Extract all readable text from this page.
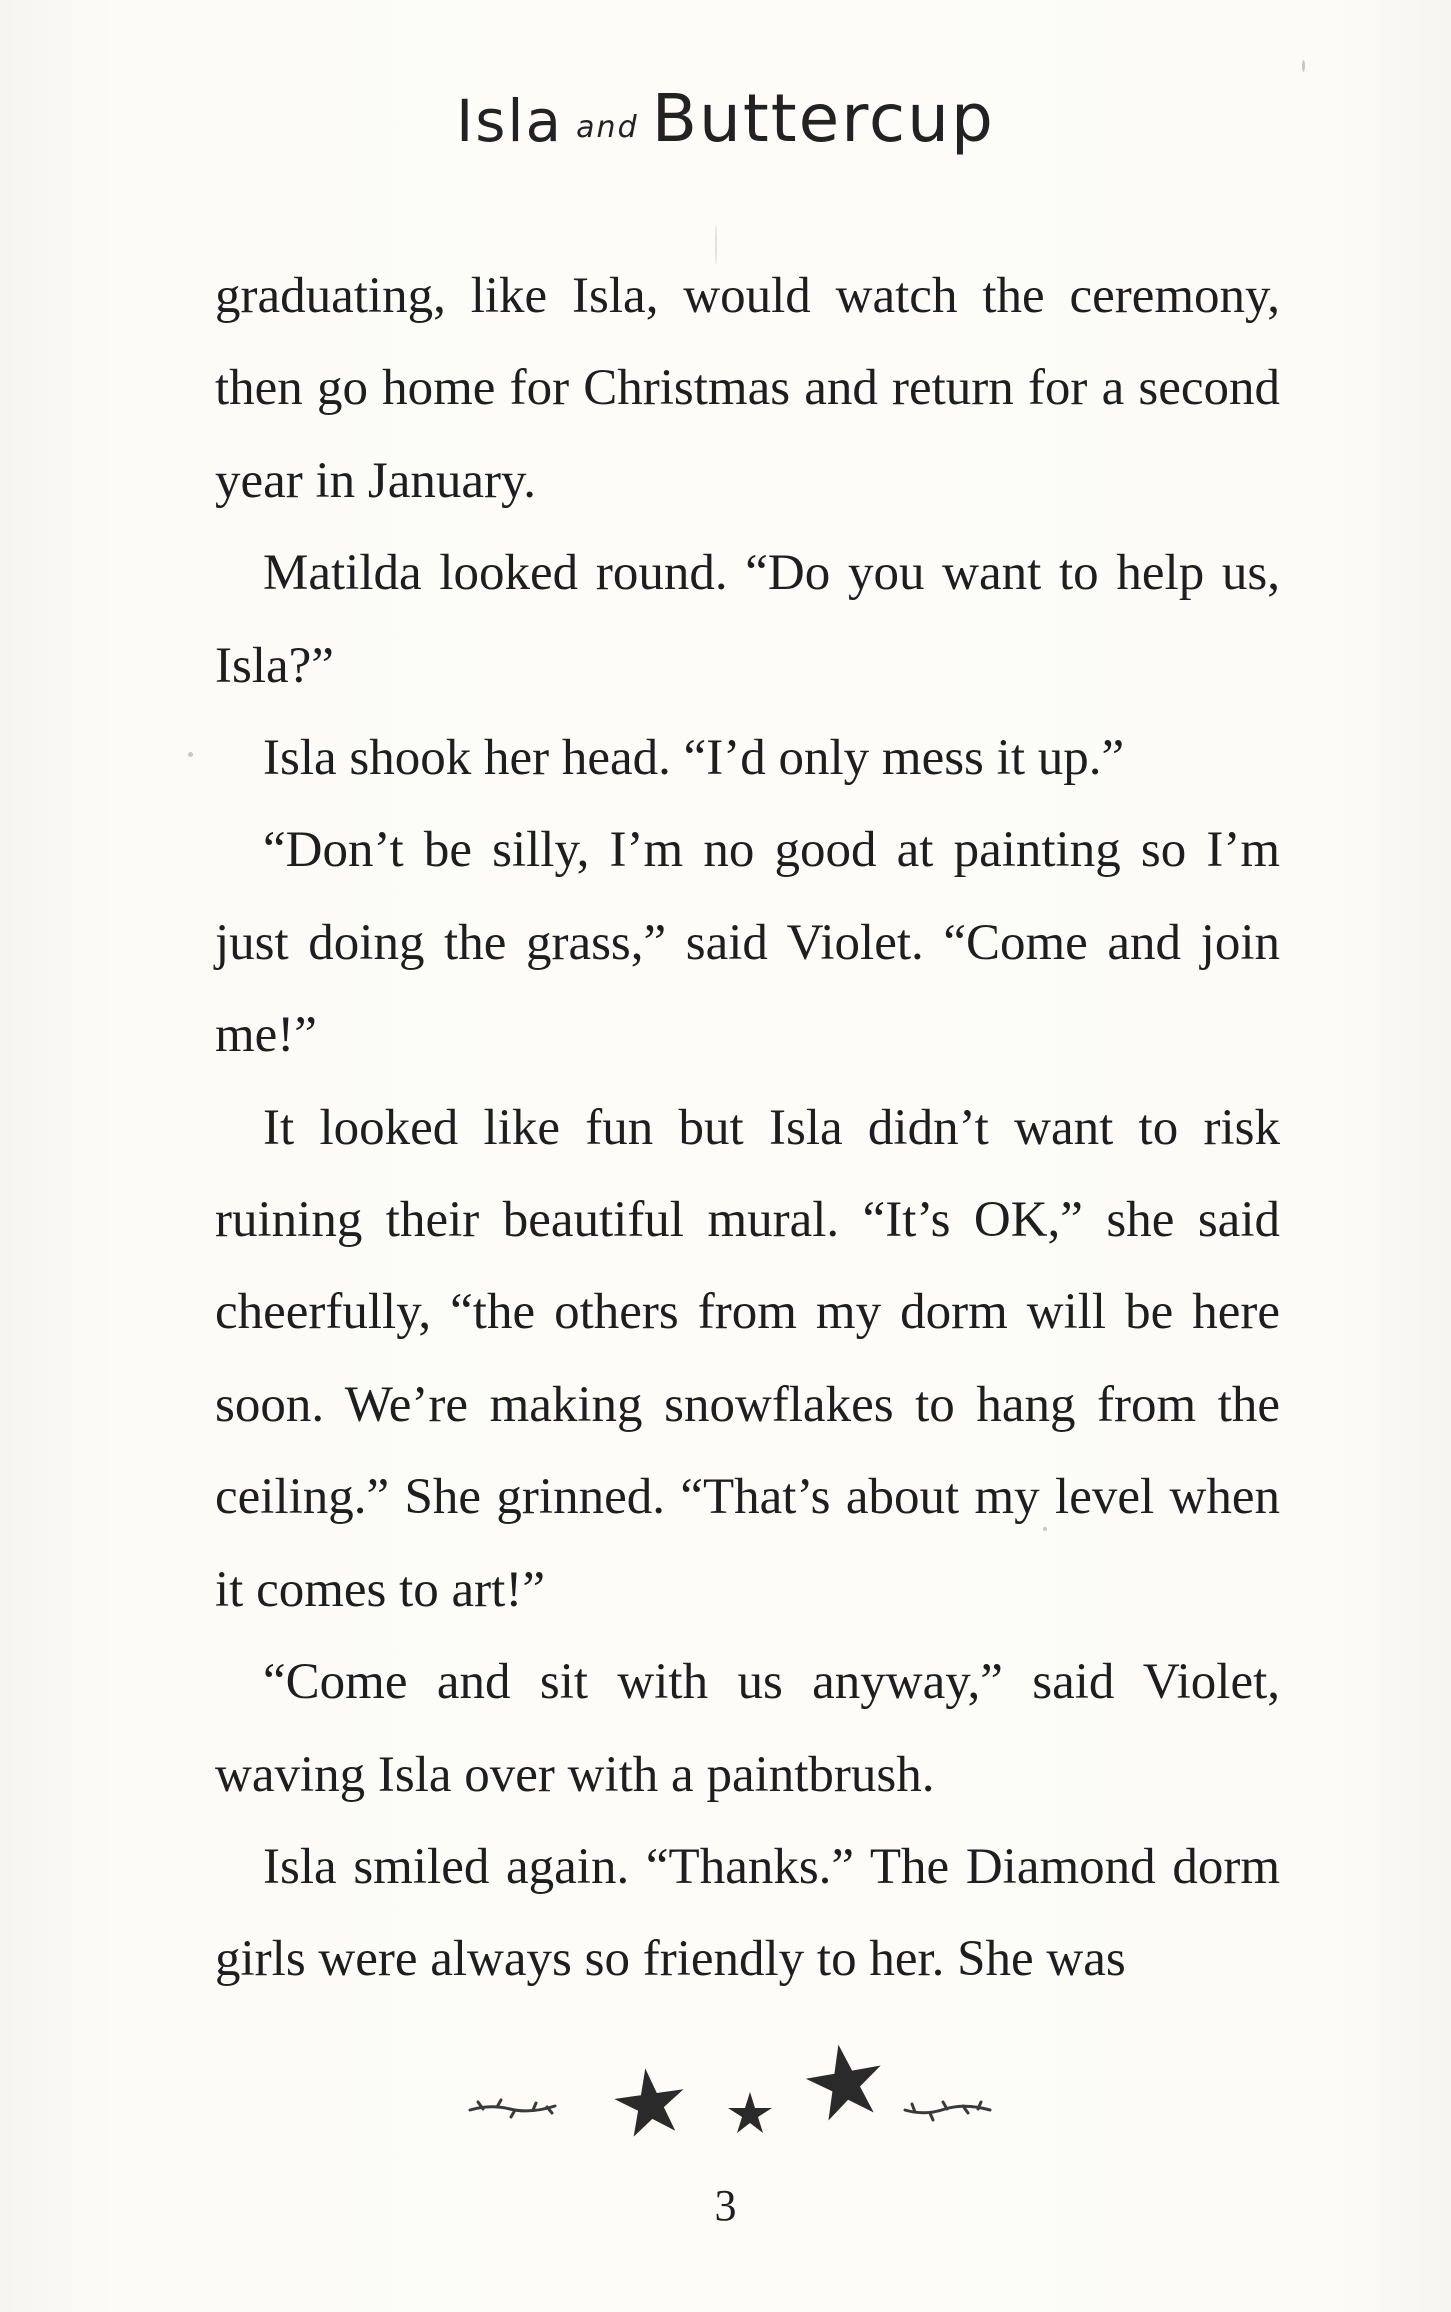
Isla and Buttercup

graduating, like Isla, would watch the ceremony, then go home for Christmas and return for a second year in January.

Matilda looked round. “Do you want to help us, Isla?”

Isla shook her head. “I’d only mess it up.”

“Don’t be silly, I’m no good at painting so I’m just doing the grass,” said Violet. “Come and join me!”

It looked like fun but Isla didn’t want to risk ruining their beautiful mural. “It’s OK,” she said cheerfully, “the others from my dorm will be here soon. We’re making snowflakes to hang from the ceiling.” She grinned. “That’s about my level when it comes to art!”

“Come and sit with us anyway,” said Violet, waving Isla over with a paintbrush.

Isla smiled again. “Thanks.” The Diamond dorm girls were always so friendly to her. She was

3
